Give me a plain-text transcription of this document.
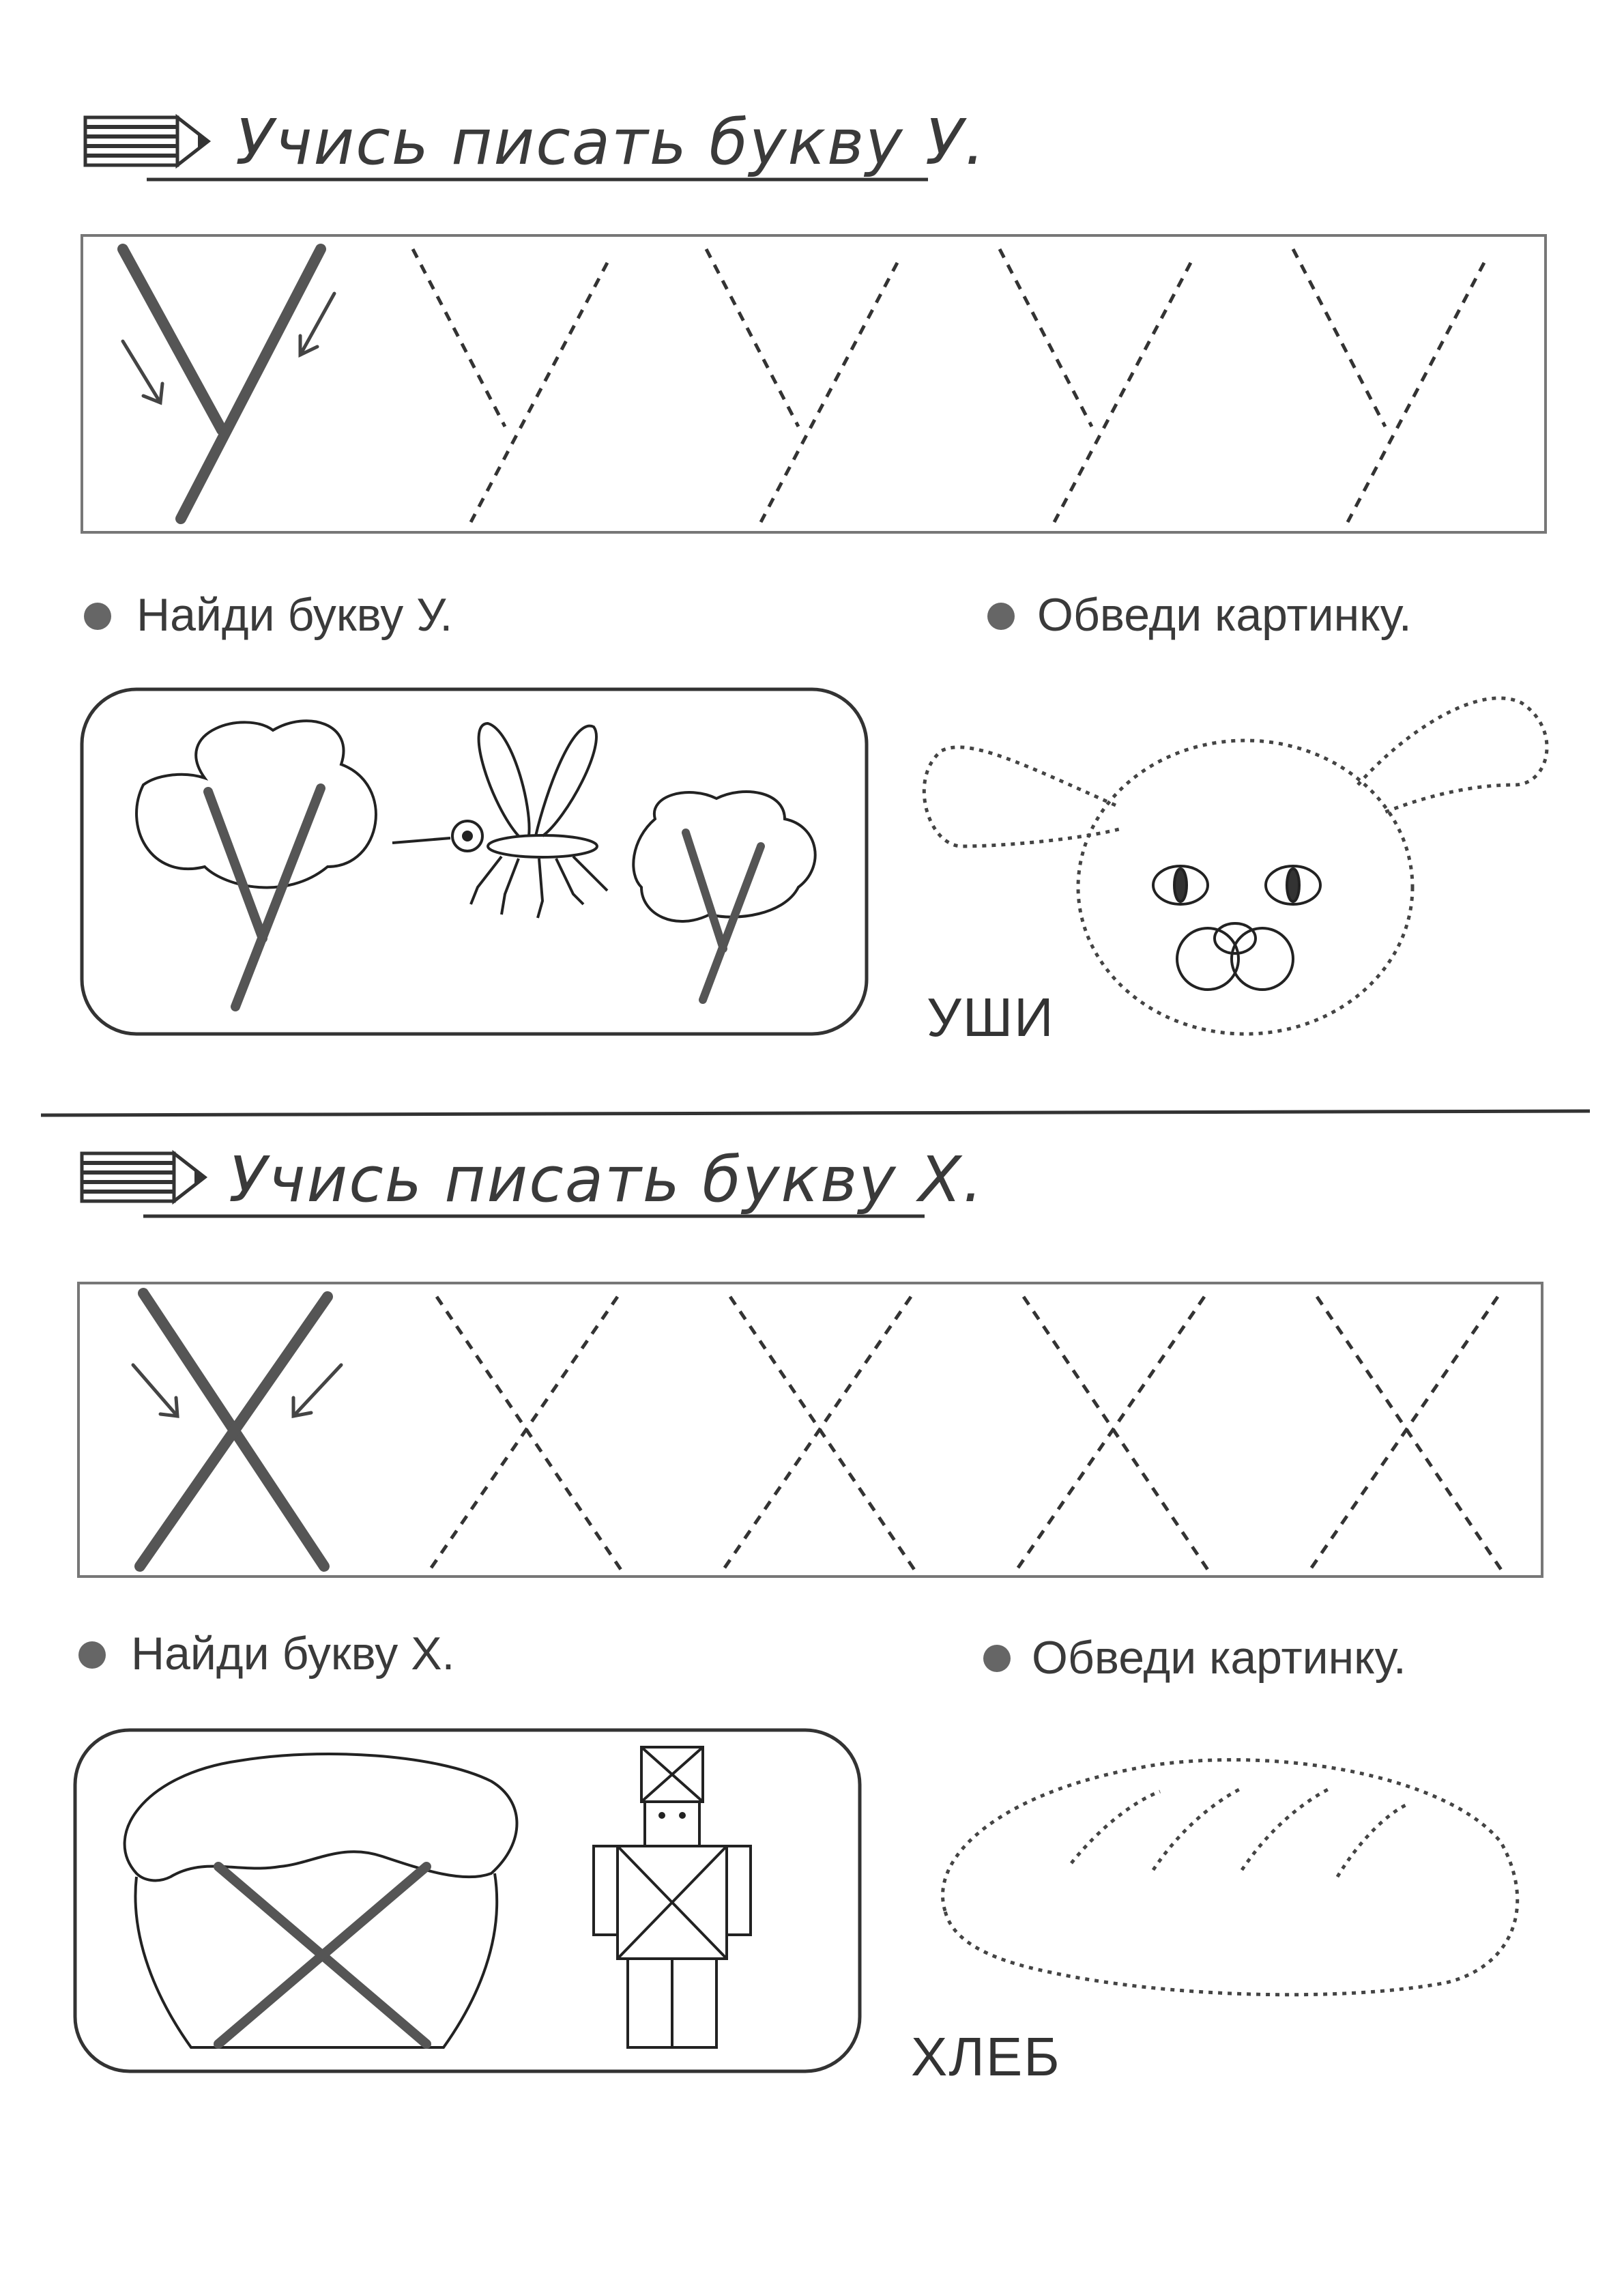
Учись писать букву У.
Найди букву У.	Обведи картинку.
УШИ
Учись писать букву Х.
Найди букву Х.	Обведи картинку.
ХЛЕБ
